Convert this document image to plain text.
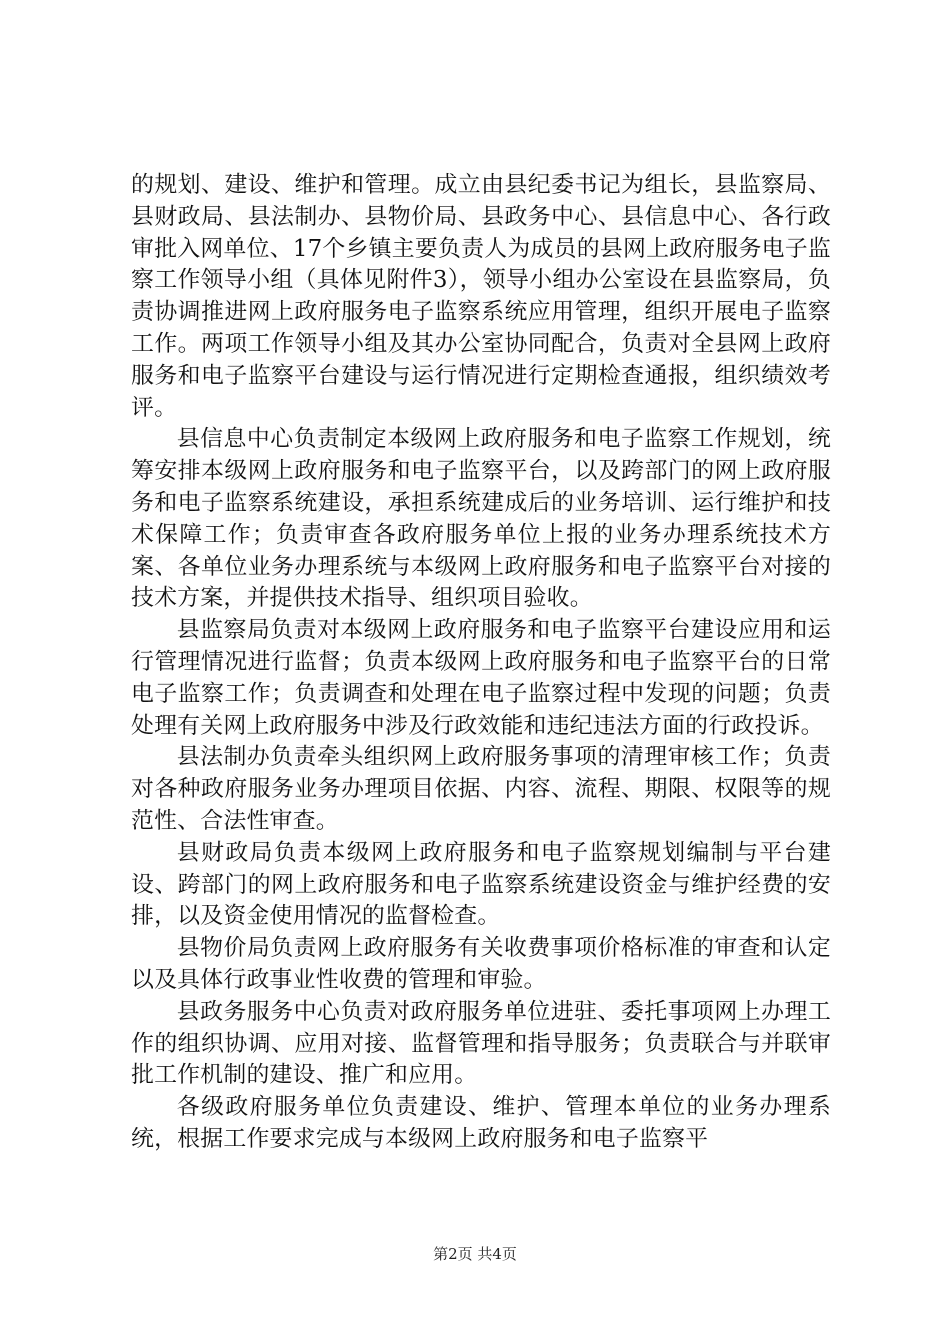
的规划、建设、维护和管理。成立由县纪委书记为组长，县监察局、县财政局、县法制办、县物价局、县政务中心、县信息中心、各行政审批入网单位、17个乡镇主要负责人为成员的县网上政府服务电子监察工作领导小组（具体见附件3），领导小组办公室设在县监察局，负责协调推进网上政府服务电子监察系统应用管理，组织开展电子监察工作。两项工作领导小组及其办公室协同配合，负责对全县网上政府服务和电子监察平台建设与运行情况进行定期检查通报，组织绩效考评。

县信息中心负责制定本级网上政府服务和电子监察工作规划，统筹安排本级网上政府服务和电子监察平台，以及跨部门的网上政府服务和电子监察系统建设，承担系统建成后的业务培训、运行维护和技术保障工作；负责审查各政府服务单位上报的业务办理系统技术方案、各单位业务办理系统与本级网上政府服务和电子监察平台对接的技术方案，并提供技术指导、组织项目验收。

县监察局负责对本级网上政府服务和电子监察平台建设应用和运行管理情况进行监督；负责本级网上政府服务和电子监察平台的日常电子监察工作；负责调查和处理在电子监察过程中发现的问题；负责处理有关网上政府服务中涉及行政效能和违纪违法方面的行政投诉。

县法制办负责牵头组织网上政府服务事项的清理审核工作；负责对各种政府服务业务办理项目依据、内容、流程、期限、权限等的规范性、合法性审查。

县财政局负责本级网上政府服务和电子监察规划编制与平台建设、跨部门的网上政府服务和电子监察系统建设资金与维护经费的安排，以及资金使用情况的监督检查。

县物价局负责网上政府服务有关收费事项价格标准的审查和认定以及具体行政事业性收费的管理和审验。

县政务服务中心负责对政府服务单位进驻、委托事项网上办理工作的组织协调、应用对接、监督管理和指导服务；负责联合与并联审批工作机制的建设、推广和应用。

各级政府服务单位负责建设、维护、管理本单位的业务办理系统，根据工作要求完成与本级网上政府服务和电子监察平

第2页 共4页
